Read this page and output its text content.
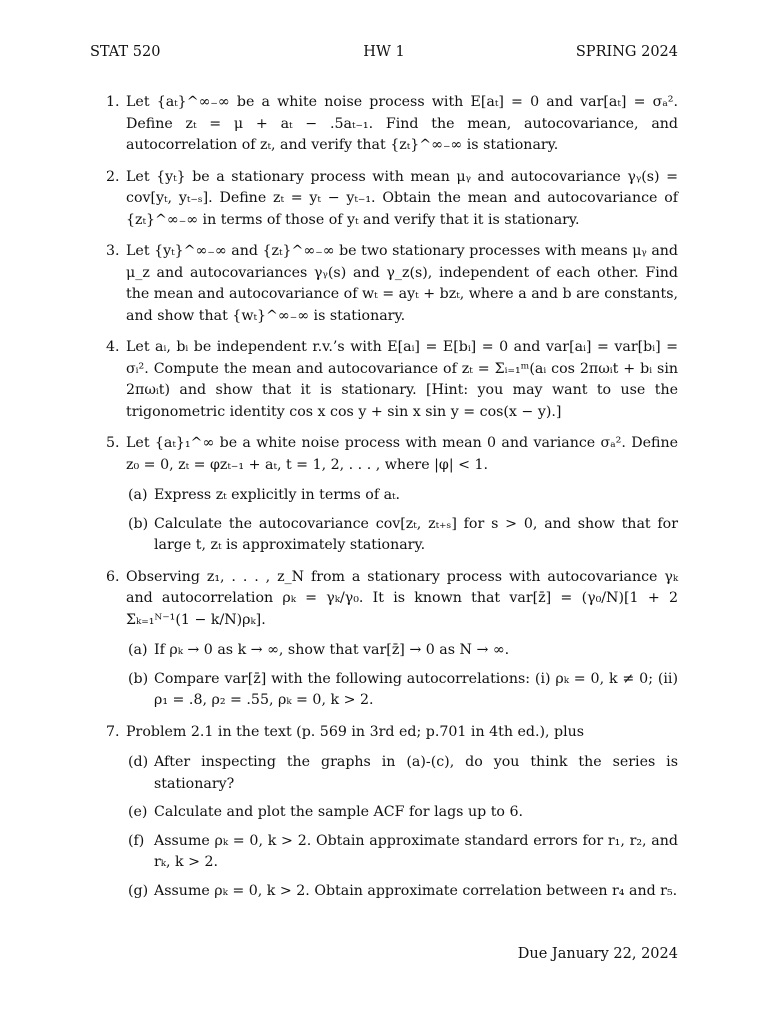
STAT 520	HW 1	SPRING 2024
1. Let {aₜ}^∞₋∞ be a white noise process with E[aₜ] = 0 and var[aₜ] = σₐ². Define zₜ = μ + aₜ − .5aₜ₋₁. Find the mean, autocovariance, and autocorrelation of zₜ, and verify that {zₜ}^∞₋∞ is stationary.
2. Let {yₜ} be a stationary process with mean μᵧ and autocovariance γᵧ(s) = cov[yₜ, yₜ₋ₛ]. Define zₜ = yₜ − yₜ₋₁. Obtain the mean and autocovariance of {zₜ}^∞₋∞ in terms of those of yₜ and verify that it is stationary.
3. Let {yₜ}^∞₋∞ and {zₜ}^∞₋∞ be two stationary processes with means μᵧ and μ_z and autocovariances γᵧ(s) and γ_z(s), independent of each other. Find the mean and autocovariance of wₜ = ayₜ + bzₜ, where a and b are constants, and show that {wₜ}^∞₋∞ is stationary.
4. Let aᵢ, bᵢ be independent r.v.’s with E[aᵢ] = E[bᵢ] = 0 and var[aᵢ] = var[bᵢ] = σᵢ². Compute the mean and autocovariance of zₜ = Σᵢ₌₁ᵐ(aᵢ cos 2πωᵢt + bᵢ sin 2πωᵢt) and show that it is stationary. [Hint: you may want to use the trigonometric identity cos x cos y + sin x sin y = cos(x − y).]
5. Let {aₜ}₁^∞ be a white noise process with mean 0 and variance σₐ². Define z₀ = 0, zₜ = φzₜ₋₁ + aₜ, t = 1, 2, . . . , where |φ| < 1.
(a) Express zₜ explicitly in terms of aₜ.
(b) Calculate the autocovariance cov[zₜ, zₜ₊ₛ] for s > 0, and show that for large t, zₜ is approximately stationary.
6. Observing z₁, . . . , z_N from a stationary process with autocovariance γₖ and autocorrelation ρₖ = γₖ/γ₀. It is known that var[z̄] = (γ₀/N)[1 + 2 Σₖ₌₁ᴺ⁻¹(1 − k/N)ρₖ].
(a) If ρₖ → 0 as k → ∞, show that var[z̄] → 0 as N → ∞.
(b) Compare var[z̄] with the following autocorrelations: (i) ρₖ = 0, k ≠ 0; (ii) ρ₁ = .8, ρ₂ = .55, ρₖ = 0, k > 2.
7. Problem 2.1 in the text (p. 569 in 3rd ed; p.701 in 4th ed.), plus
(d) After inspecting the graphs in (a)-(c), do you think the series is stationary?
(e) Calculate and plot the sample ACF for lags up to 6.
(f) Assume ρₖ = 0, k > 2. Obtain approximate standard errors for r₁, r₂, and rₖ, k > 2.
(g) Assume ρₖ = 0, k > 2. Obtain approximate correlation between r₄ and r₅.
Due January 22, 2024
